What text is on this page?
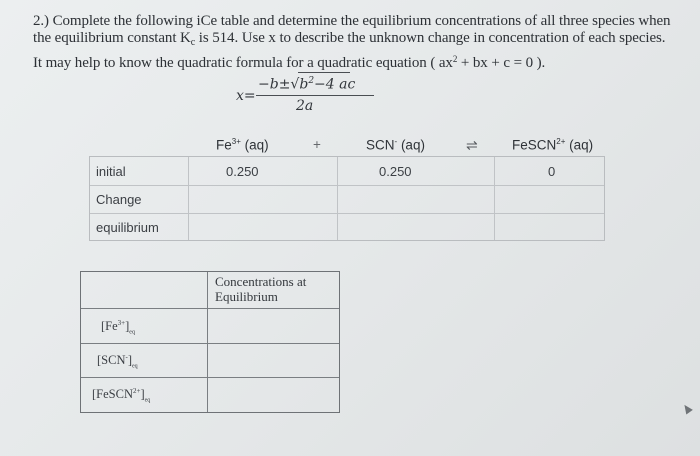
2.) Complete the following iCe table and determine the equilibrium concentrations of all three species when the equilibrium constant $K_c$ is 514. Use x to describe the unknown change in concentration of each species. It may help to know the quadratic formula for a quadratic equation ( $ax^2$ + bx + c = 0 ).
x=
$-b\pm√b^2-4$ ac
2a
$Fe^{3+}$ (aq)	+	SCN- (aq)	⇌	FeSCN$^{2+}$ (aq)
initial	0.250	0.250	0
Change
equilibrium
Concentrations at Equilibrium
$[Fe^{3+}]_{eq}$
$[SCN^-]_{eq}$
$[FeSCN^{2+}]_{eq}$
